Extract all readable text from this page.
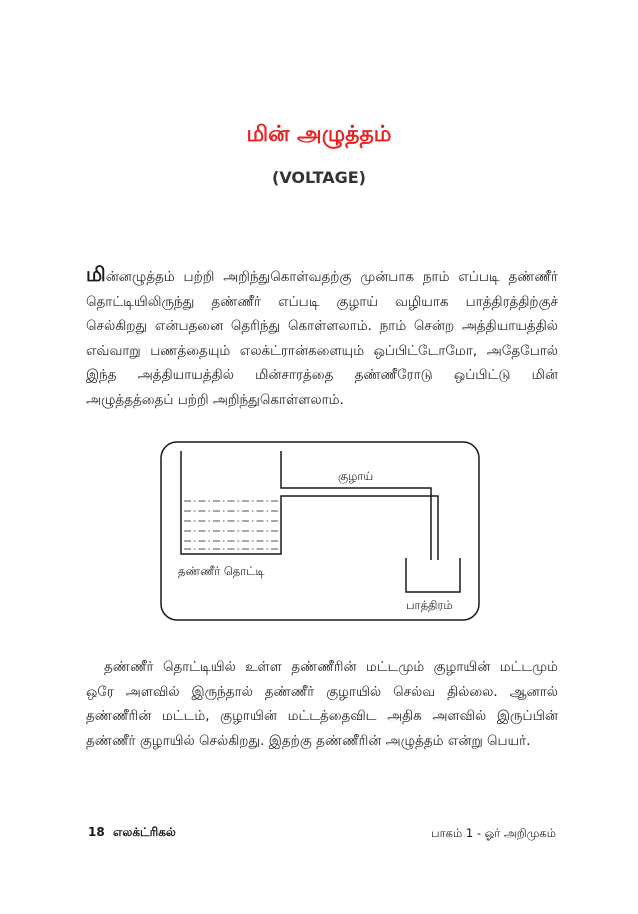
மின் அழுத்தம்
(VOLTAGE)

மின்னழுத்தம் பற்றி அறிந்துகொள்வதற்கு முன்பாக நாம் எப்படி தண்ணீர் தொட்டியிலிருந்து தண்ணீர் எப்படி குழாய் வழியாக பாத்திரத்திற்குச் செல்கிறது என்பதனை தெரிந்து கொள்ளலாம். நாம் சென்ற அத்தியாயத்தில் எவ்வாறு பணத்தையும் எலக்ட்ரான்களையும் ஒப்பிட்டோமோ, அதேபோல் இந்த அத்தியாயத்தில் மின்சாரத்தை தண்ணீரோடு ஒப்பிட்டு மின் அழுத்தத்தைப் பற்றி அறிந்துகொள்ளலாம்.

குழாய்
தண்ணீர் தொட்டி
பாத்திரம்

தண்ணீர் தொட்டியில் உள்ள தண்ணீரின் மட்டமும் குழாயின் மட்டமும் ஒரே அளவில் இருந்தால் தண்ணீர் குழாயில் செல்வ தில்லை. ஆனால் தண்ணீரின் மட்டம், குழாயின் மட்டத்தைவிட அதிக அளவில் இருப்பின் தண்ணீர் குழாயில் செல்கிறது. இதற்கு தண்ணீரின் அழுத்தம் என்று பெயர்.

18  எலக்ட்ரிகல்	பாகம் 1 - ஓர் அறிமுகம்
